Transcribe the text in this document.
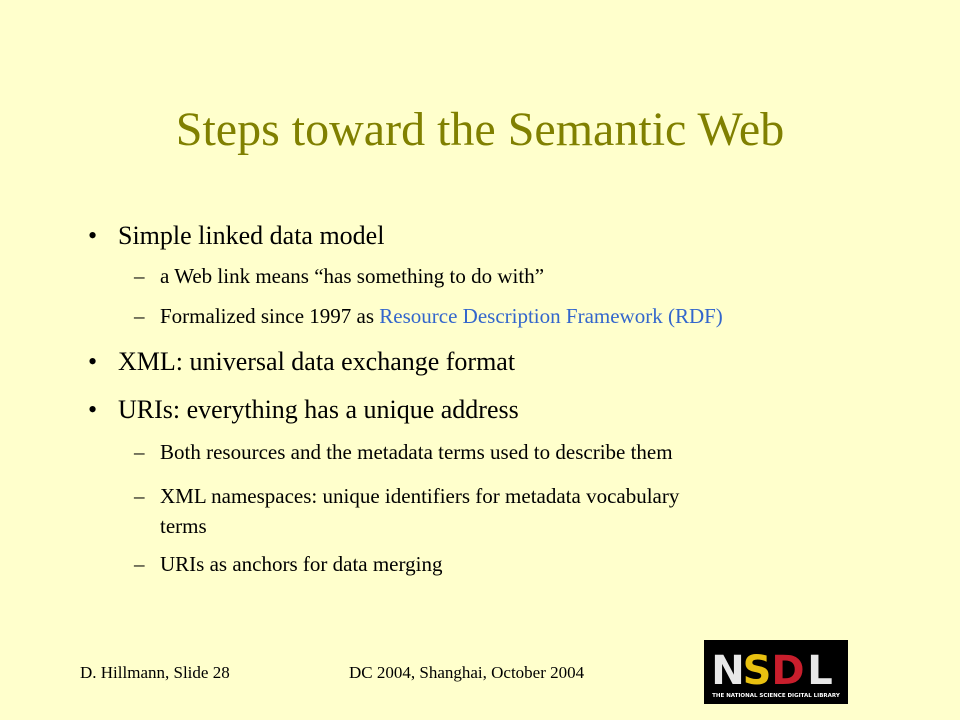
Steps toward the Semantic Web
• Simple linked data model
– a Web link means “has something to do with”
– Formalized since 1997 as Resource Description Framework (RDF)
• XML: universal data exchange format
• URIs: everything has a unique address
– Both resources and the metadata terms used to describe them
– XML namespaces: unique identifiers for metadata vocabulary
terms
– URIs as anchors for data merging
D. Hillmann, Slide 28	DC 2004, Shanghai, October 2004	N
S D L
THE NATIONAL SCIENCE DIGITAL LIBRARY
